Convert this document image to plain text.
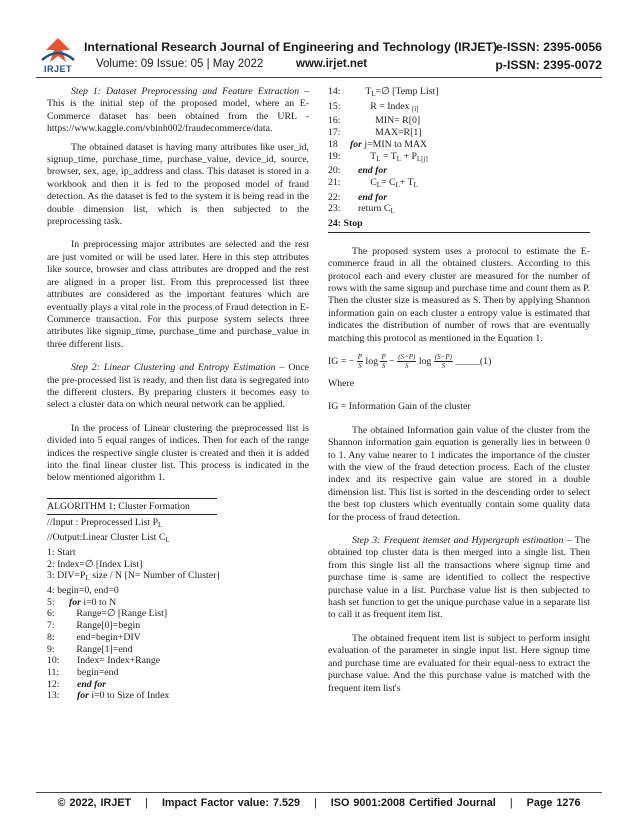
IRJET
International Research Journal of Engineering and Technology (IRJET)
e-ISSN: 2395-0056
Volume: 09 Issue: 05 | May 2022	www.irjet.net	p-ISSN: 2395-0072

Step 1: Dataset Preprocessing and Feature Extraction – This is the initial step of the proposed model, where an E-Commerce dataset has been obtained from the URL - https://www.kaggle.com/vbinh002/fraudecommerce/data.

The obtained dataset is having many attributes like user_id, signup_time, purchase_time, purchase_value, device_id, source, browser, sex, age, ip_address and class. This dataset is stored in a workbook and then it is fed to the proposed model of fraud detection. As the dataset is fed to the system it is being read in the double dimension list, which is then subjected to the preprocessing task.

In preprocessing major attributes are selected and the rest are just vomited or will be used later. Here in this step attributes like source, browser and class attributes are dropped and the rest are aligned in a proper list. From this preprocessed list three attributes are considered as the important features which are eventually plays a vital role in the process of Fraud detection in E-Commerce transaction. For this purpose system selects three attributes like signup_time, purchase_time and purchase_value in three different lists.

Step 2: Linear Clustering and Entropy Estimation – Once the pre-processed list is ready, and then list data is segregated into the different clusters. By preparing clusters it becomes easy to select a cluster data on which neural network can be applied.

In the process of Linear clustering the preprocessed list is divided into 5 equal ranges of indices. Then for each of the range indices the respective single cluster is created and then it is added into the final linear cluster list. This process is indicated in the below mentioned algorithm 1.

ALGORITHM 1: Cluster Formation
//Input : Preprocessed List $P_L$
//Output:Linear Cluster List $C_L$
1: Start
2: Index=∅ [Index List]
3: $DIV=P_L$ size / N [N= Number of Cluster]
4: begin=0, end=0
5: for i=0 to N
6: Range=∅ [Range List]
7: Range[0]=begin
8: end=begin+DIV
9: Range[1]=end
10: Index= Index+Range
11: begin=end
12: end for
13: for i=0 to Size of Index
14:	$T_L=\emptyset$ [Temp List]
15:	R = Index $_{[i]}$
16:	MIN= R[0]
17:	MAX=R[1]
18 for j=MIN to MAX
19:	$T_L = T_L + P_{L[j]}$
20: end for
21:	$C_L= C_L+ T_L$
22: end for
23: return $C_L$
24: Stop

The proposed system uses a protocol to estimate the E-commerce fraud in all the obtained clusters. According to this protocol each and every cluster are measured for the number of rows with the same signup and purchase time and count them as P. Then the cluster size is measured as S. Then by applying Shannon information gain on each cluster a entropy value is estimated that indicates the distribution of number of rows that are eventually matching this protocol as mentioned in the Equation 1.

IG = − $\frac{P}{S}$ $\log \frac{P}{S} - \frac{(S-P)}{S}$ $\log \frac{(S-P)}{S}$ _____(1)

Where

IG = Information Gain of the cluster

The obtained Information gain value of the cluster from the Shannon information gain equation is generally lies in between 0 to 1. Any value nearer to 1 indicates the importance of the cluster with the view of the fraud detection process. Each of the cluster index and its respective gain value are stored in a double dimension list. This list is sorted in the descending order to select the best top clusters which eventually contain some quality data for the process of fraud detection.

Step 3: Frequent itemset and Hypergraph estimation – The obtained top cluster data is then merged into a single list. Then from this single list all the transactions where signup time and purchase time is same are identified to collect the respective purchase value in a list. Purchase value list is then subjected to hash set function to get the unique purchase value in a separate list to call it as frequent item list.

The obtained frequent item list is subject to perform insight evaluation of the parameter in single input list. Here signup time and purchase time are evaluated for their equal-ness to extract the purchase value. And the this purchase value is matched with the frequent item list's

© 2022, IRJET | Impact Factor value: 7.529 | ISO 9001:2008 Certified Journal | Page 1276
